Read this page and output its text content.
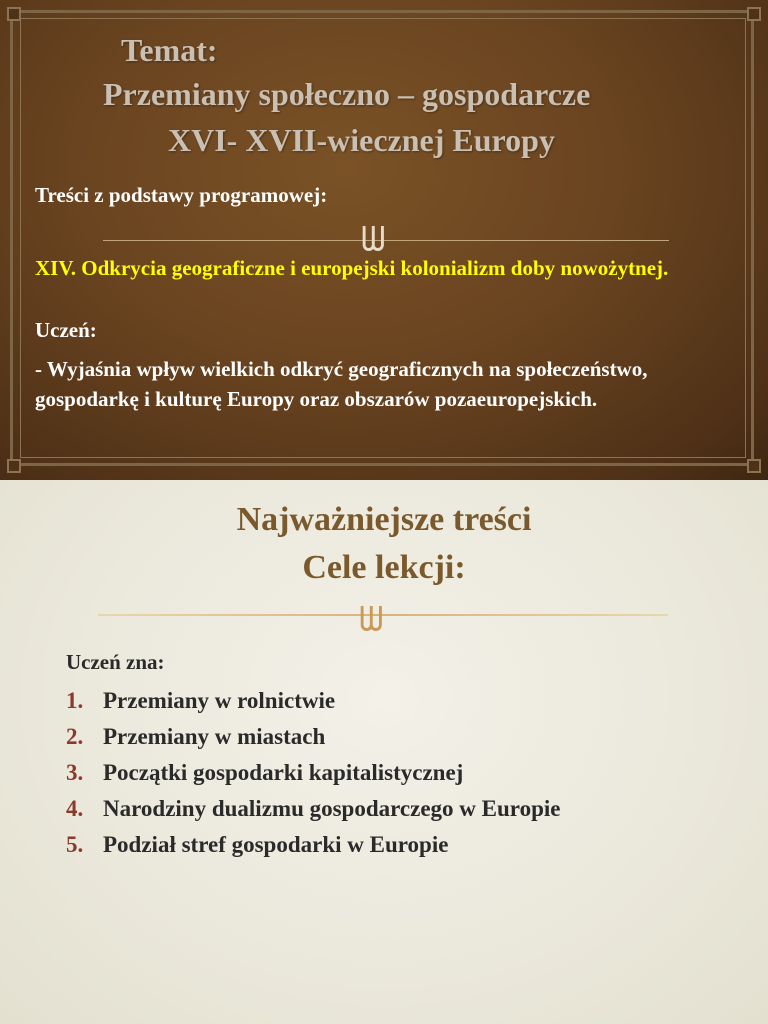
Temat:
Przemiany społeczno – gospodarcze
XVI- XVII-wiecznej Europy
Treści z podstawy programowej:
ᗯ
XIV. Odkrycia geograficzne i europejski kolonializm doby nowożytnej.
Uczeń:
- Wyjaśnia wpływ wielkich odkryć geograficznych na społeczeństwo, gospodarkę i kulturę Europy oraz obszarów pozaeuropejskich.
Najważniejsze treści
Cele lekcji:
ᗯ
Uczeń zna:
1. Przemiany w rolnictwie
2. Przemiany w miastach
3. Początki gospodarki kapitalistycznej
4. Narodziny dualizmu gospodarczego w Europie
5. Podział stref gospodarki w Europie
